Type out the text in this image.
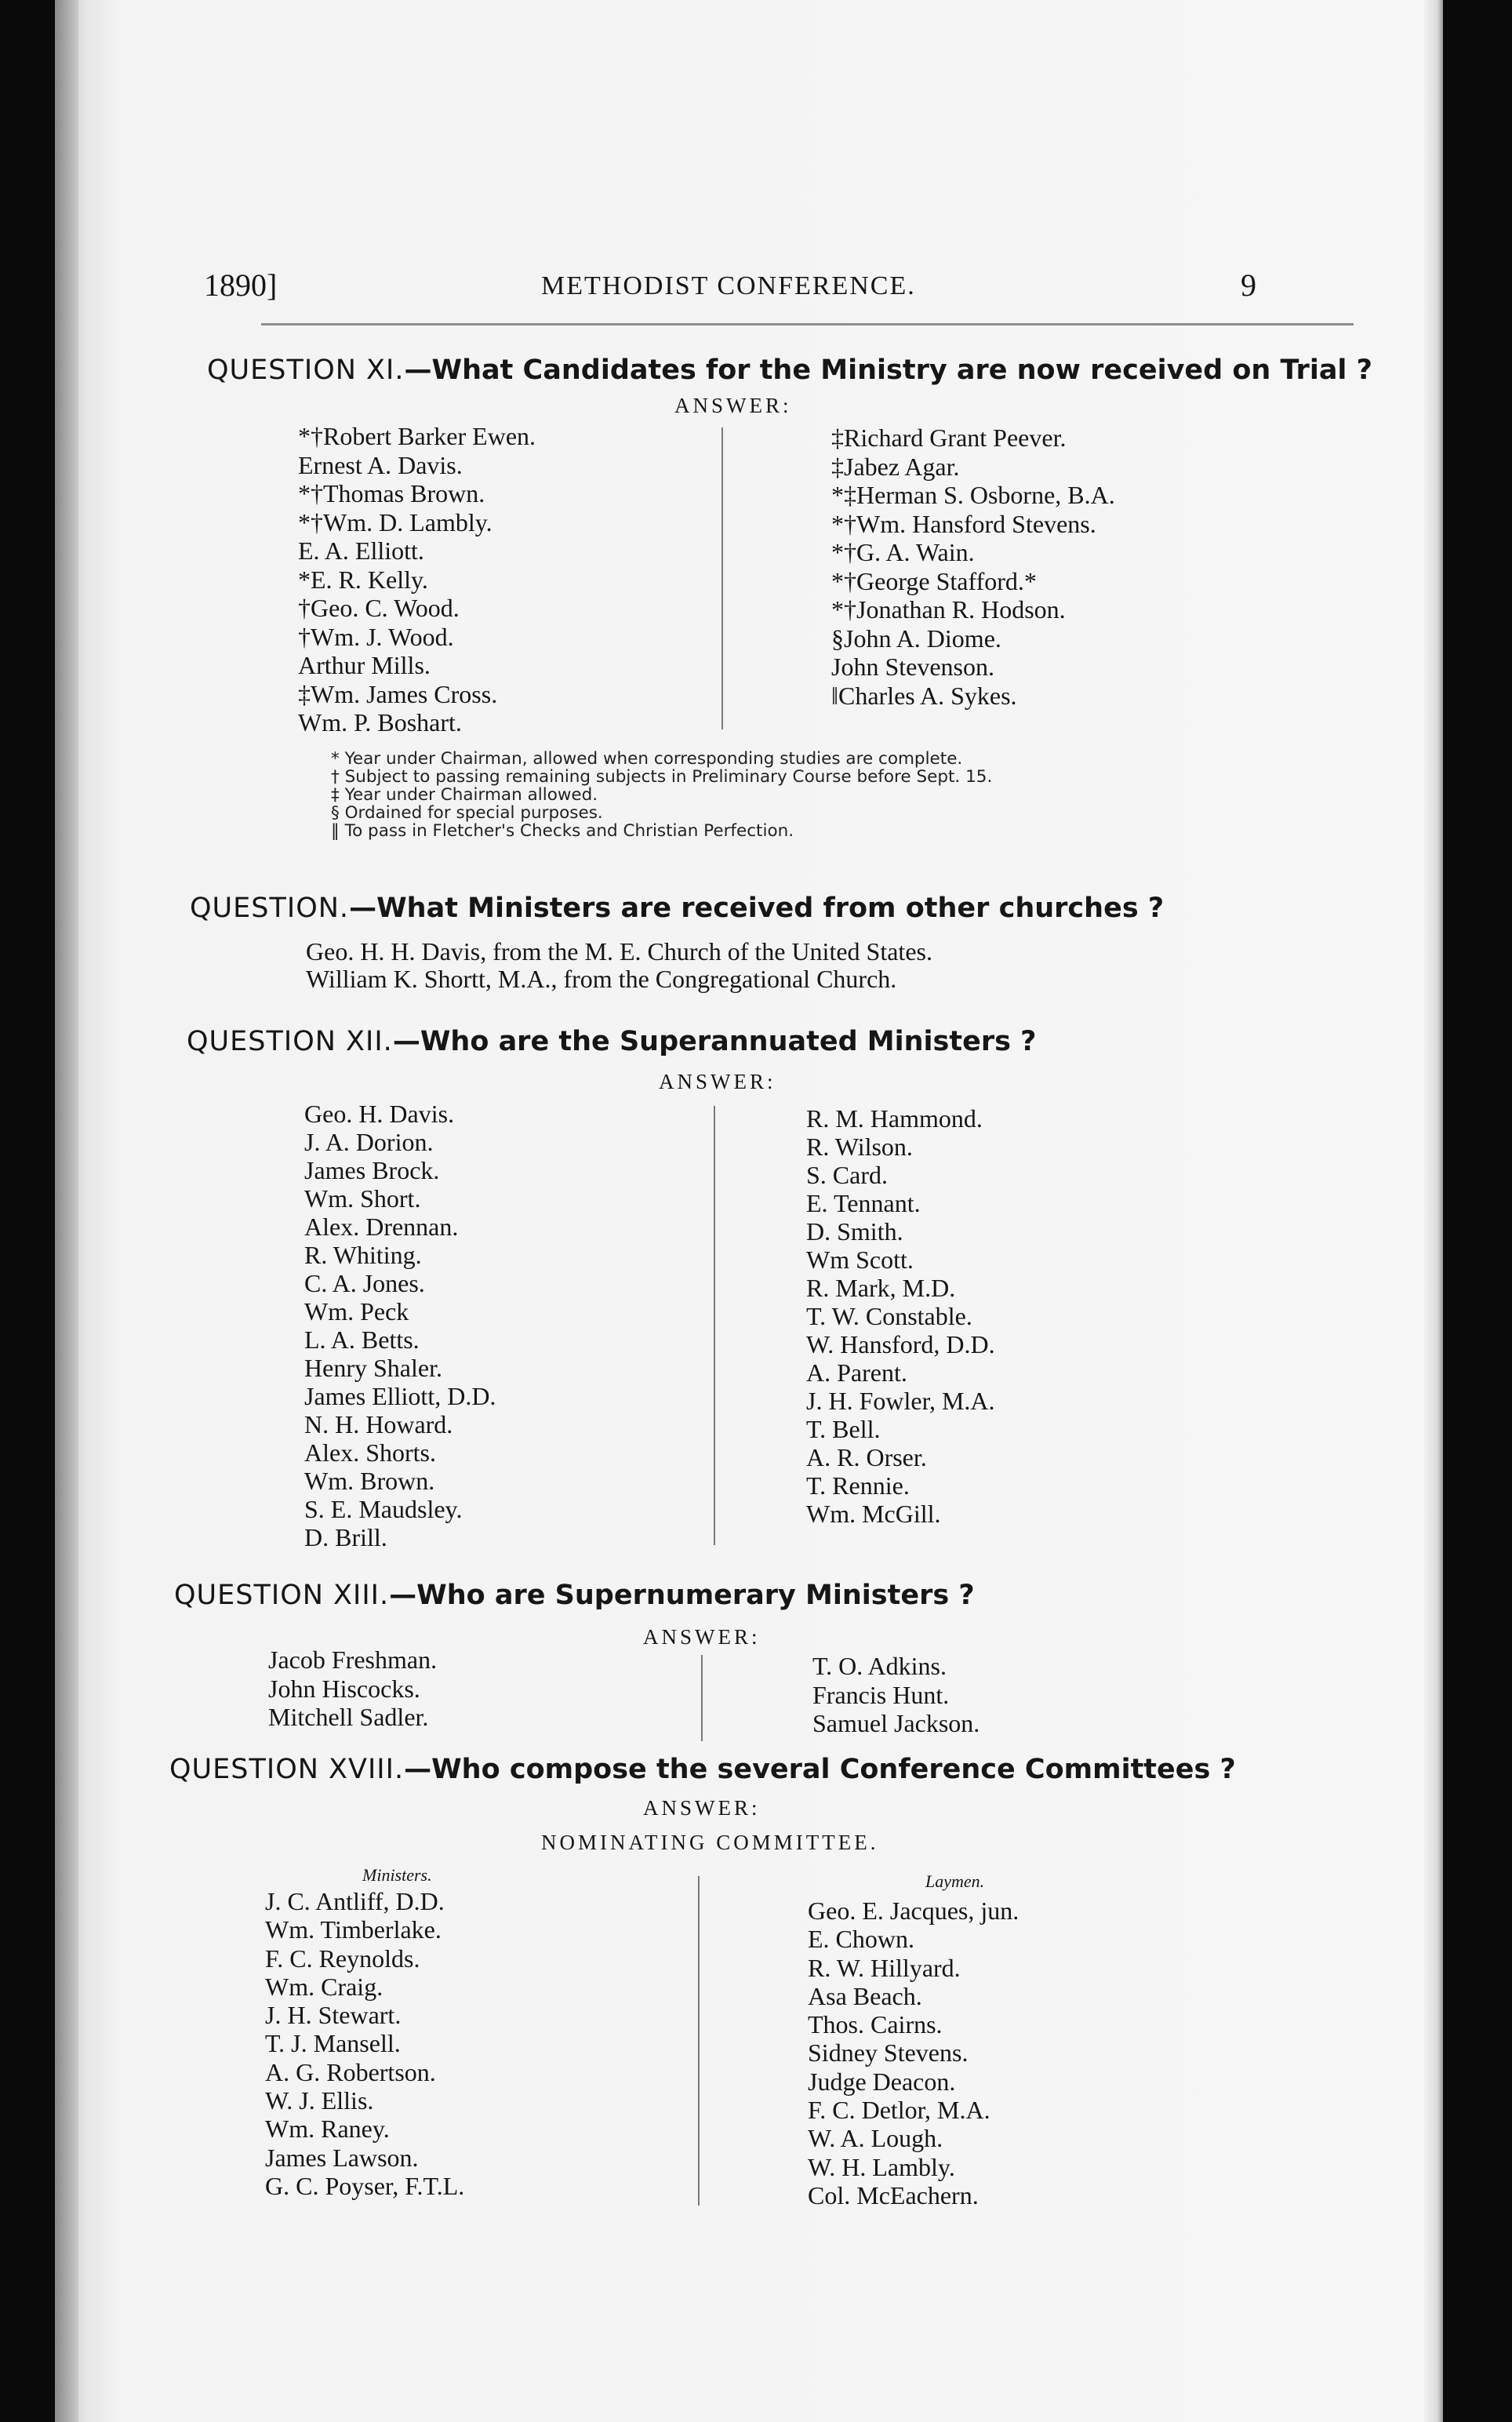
1890]	METHODIST CONFERENCE.	9
QUESTION XI.—What Candidates for the Ministry are now received on Trial ?
ANSWER:
*†Robert Barker Ewen.
Ernest A. Davis.
*†Thomas Brown.
*†Wm. D. Lambly.
E. A. Elliott.
*E. R. Kelly.
†Geo. C. Wood.
†Wm. J. Wood.
Arthur Mills.
‡Wm. James Cross.
Wm. P. Boshart.
‡Richard Grant Peever.
‡Jabez Agar.
*‡Herman S. Osborne, B.A.
*†Wm. Hansford Stevens.
*†G. A. Wain.
*†George Stafford.*
*†Jonathan R. Hodson.
§John A. Diome.
John Stevenson.
‖Charles A. Sykes.
* Year under Chairman, allowed when corresponding studies are complete.
† Subject to passing remaining subjects in Preliminary Course before Sept. 15.
‡ Year under Chairman allowed.
§ Ordained for special purposes.
‖ To pass in Fletcher's Checks and Christian Perfection.
QUESTION.—What Ministers are received from other churches ?
Geo. H. H. Davis, from the M. E. Church of the United States.
William K. Shortt, M.A., from the Congregational Church.
QUESTION XII.—Who are the Superannuated Ministers ?
ANSWER:
Geo. H. Davis.
J. A. Dorion.
James Brock.
Wm. Short.
Alex. Drennan.
R. Whiting.
C. A. Jones.
Wm. Peck
L. A. Betts.
Henry Shaler.
James Elliott, D.D.
N. H. Howard.
Alex. Shorts.
Wm. Brown.
S. E. Maudsley.
D. Brill.
R. M. Hammond.
R. Wilson.
S. Card.
E. Tennant.
D. Smith.
Wm Scott.
R. Mark, M.D.
T. W. Constable.
W. Hansford, D.D.
A. Parent.
J. H. Fowler, M.A.
T. Bell.
A. R. Orser.
T. Rennie.
Wm. McGill.
QUESTION XIII.—Who are Supernumerary Ministers ?
ANSWER:
Jacob Freshman.
John Hiscocks.
Mitchell Sadler.
T. O. Adkins.
Francis Hunt.
Samuel Jackson.
QUESTION XVIII.—Who compose the several Conference Committees ?
ANSWER:
NOMINATING COMMITTEE.
Ministers.	Laymen.
J. C. Antliff, D.D.
Wm. Timberlake.
F. C. Reynolds.
Wm. Craig.
J. H. Stewart.
T. J. Mansell.
A. G. Robertson.
W. J. Ellis.
Wm. Raney.
James Lawson.
G. C. Poyser, F.T.L.
Geo. E. Jacques, jun.
E. Chown.
R. W. Hillyard.
Asa Beach.
Thos. Cairns.
Sidney Stevens.
Judge Deacon.
F. C. Detlor, M.A.
W. A. Lough.
W. H. Lambly.
Col. McEachern.
